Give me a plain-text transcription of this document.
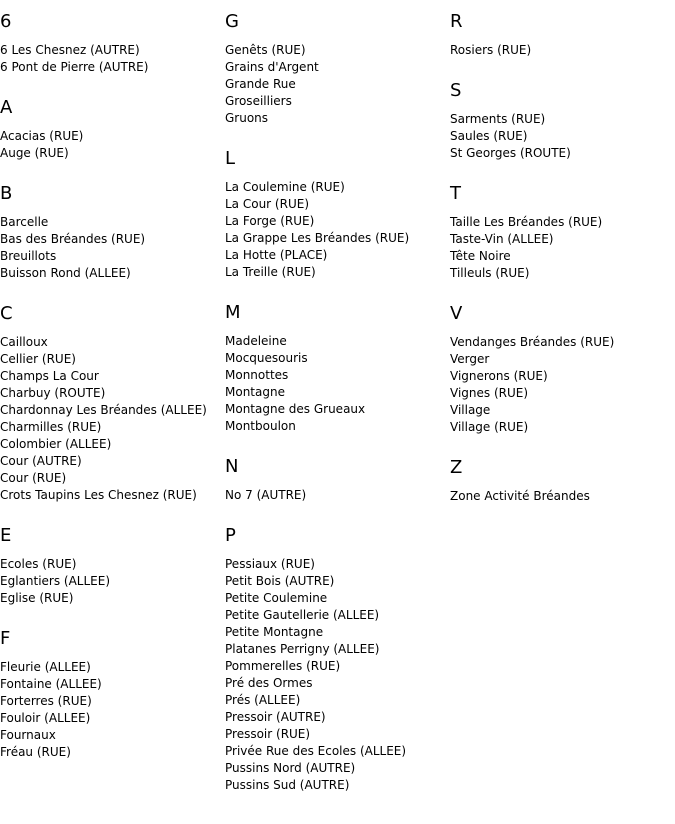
6
6 Les Chesnez (AUTRE)
6 Pont de Pierre (AUTRE)
A
Acacias (RUE)
Auge (RUE)
B
Barcelle
Bas des Bréandes (RUE)
Breuillots
Buisson Rond (ALLEE)
C
Cailloux
Cellier (RUE)
Champs La Cour
Charbuy (ROUTE)
Chardonnay Les Bréandes (ALLEE)
Charmilles (RUE)
Colombier (ALLEE)
Cour (AUTRE)
Cour (RUE)
Crots Taupins Les Chesnez (RUE)
E
Ecoles (RUE)
Eglantiers (ALLEE)
Eglise (RUE)
F
Fleurie (ALLEE)
Fontaine (ALLEE)
Forterres (RUE)
Fouloir (ALLEE)
Fournaux
Fréau (RUE)
G
Genêts (RUE)
Grains d'Argent
Grande Rue
Groseilliers
Gruons
L
La Coulemine (RUE)
La Cour (RUE)
La Forge (RUE)
La Grappe Les Bréandes (RUE)
La Hotte (PLACE)
La Treille (RUE)
M
Madeleine
Mocquesouris
Monnottes
Montagne
Montagne des Grueaux
Montboulon
N
No 7 (AUTRE)
P
Pessiaux (RUE)
Petit Bois (AUTRE)
Petite Coulemine
Petite Gautellerie (ALLEE)
Petite Montagne
Platanes Perrigny (ALLEE)
Pommerelles (RUE)
Pré des Ormes
Prés (ALLEE)
Pressoir (AUTRE)
Pressoir (RUE)
Privée Rue des Ecoles (ALLEE)
Pussins Nord (AUTRE)
Pussins Sud (AUTRE)
R
Rosiers (RUE)
S
Sarments (RUE)
Saules (RUE)
St Georges (ROUTE)
T
Taille Les Bréandes (RUE)
Taste-Vin (ALLEE)
Tête Noire
Tilleuls (RUE)
V
Vendanges Bréandes (RUE)
Verger
Vignerons (RUE)
Vignes (RUE)
Village
Village (RUE)
Z
Zone Activité Bréandes
